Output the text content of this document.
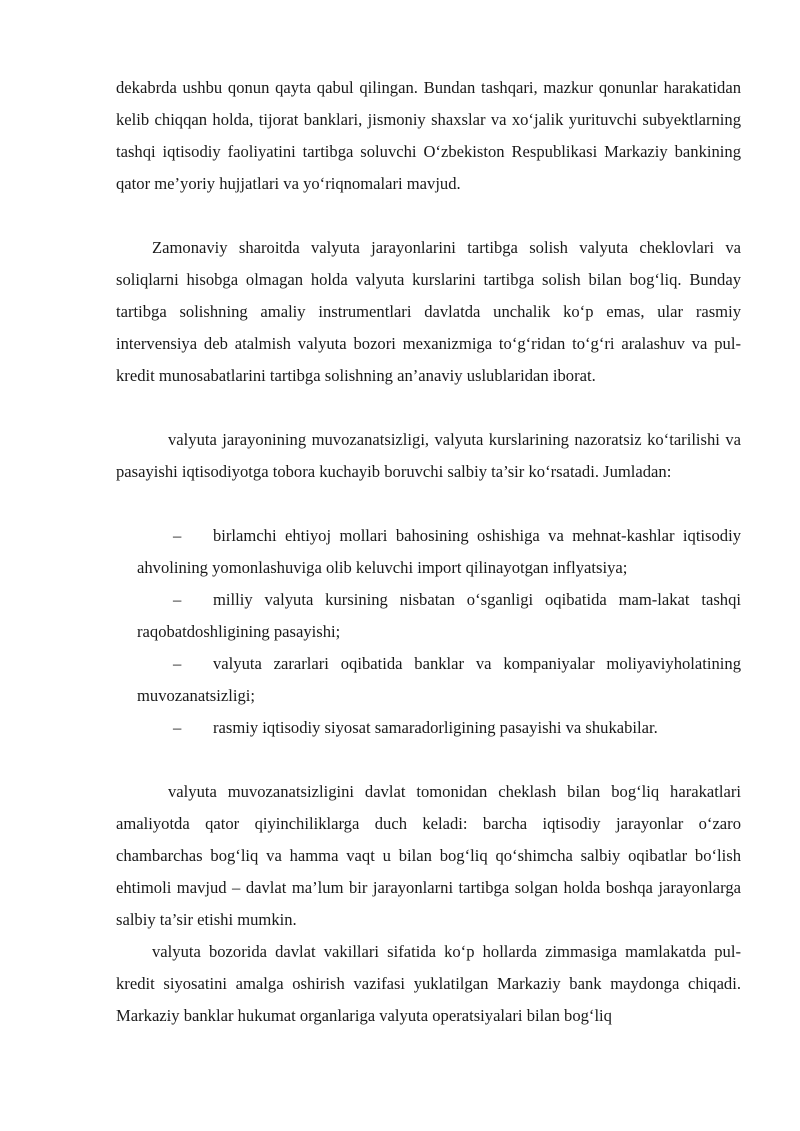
dekabrda ushbu qonun qayta qabul qilingan. Bundan tashqari, mazkur qonunlar harakatidan kelib chiqqan holda, tijorat banklari, jismoniy shaxslar va xo‘jalik yurituvchi subyektlarning tashqi iqtisodiy faoliyatini tartibga soluvchi O‘zbekiston Respublikasi Markaziy bankining qator me’yoriy hujjatlari va yo‘riqnomalari mavjud.

Zamonaviy sharoitda valyuta jarayonlarini tartibga solish valyuta cheklovlari va soliqlarni hisobga olmagan holda valyuta kurslarini tartibga solish bilan bog‘liq. Bunday tartibga solishning amaliy instrumentlari davlatda unchalik ko‘p emas, ular rasmiy intervensiya deb atalmish valyuta bozori mexanizmiga to‘g‘ridan to‘g‘ri aralashuv va pul-kredit munosabatlarini tartibga solishning an’anaviy uslublaridan iborat.

valyuta jarayonining muvozanatsizligi, valyuta kurslarining nazoratsiz ko‘tarilishi va pasayishi iqtisodiyotga tobora kuchayib boruvchi salbiy ta’sir ko‘rsatadi. Jumladan:

– birlamchi ehtiyoj mollari bahosining oshishiga va mehnat-kashlar iqtisodiy ahvolining yomonlashuviga olib keluvchi import qilinayotgan inflyatsiya;

– milliy valyuta kursining nisbatan o‘sganligi oqibatida mam-lakat tashqi raqobatdoshligining pasayishi;

– valyuta zararlari oqibatida banklar va kompaniyalar moliyaviyholatining muvozanatsizligi;

– rasmiy iqtisodiy siyosat samaradorligining pasayishi va shukabilar.

valyuta muvozanatsizligini davlat tomonidan cheklash bilan bog‘liq harakatlari amaliyotda qator qiyinchiliklarga duch keladi: barcha iqtisodiy jarayonlar o‘zaro chambarchas bog‘liq va hamma vaqt u bilan bog‘liq qo‘shimcha salbiy oqibatlar bo‘lish ehtimoli mavjud – davlat ma’lum bir jarayonlarni tartibga solgan holda boshqa jarayonlarga salbiy ta’sir etishi mumkin.

valyuta bozorida davlat vakillari sifatida ko‘p hollarda zimmasiga mamlakatda pul-kredit siyosatini amalga oshirish vazifasi yuklatilgan Markaziy bank maydonga chiqadi. Markaziy banklar hukumat organlariga valyuta operatsiyalari bilan bog‘liq
